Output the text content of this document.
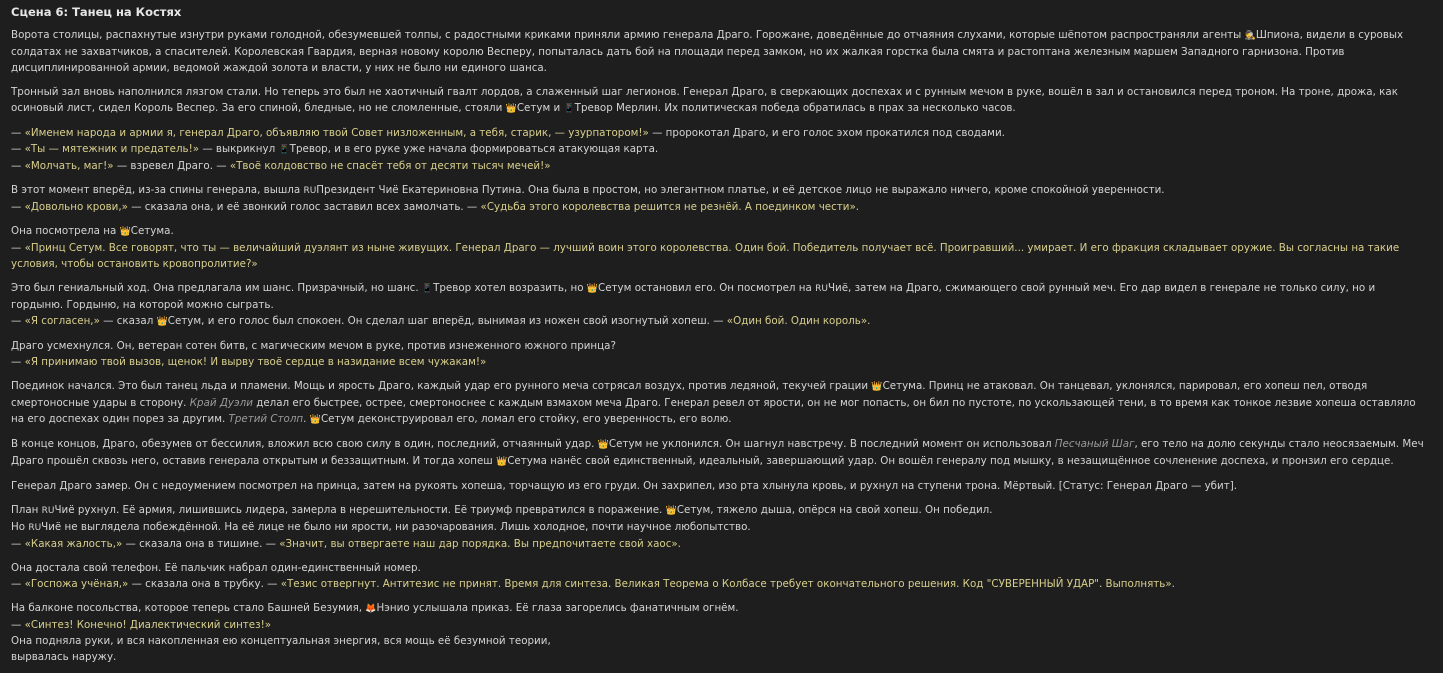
Сцена 6: Танец на Костях

Ворота столицы, распахнутые изнутри руками голодной, обезумевшей толпы, с радостными криками приняли армию генерала Драго. Горожане, доведённые до отчаяния слухами, которые шёпотом распространяли агенты 🕵Шпиона, видели в суровых солдатах не захватчиков, а спасителей. Королевская Гвардия, верная новому королю Весперу, попыталась дать бой на площади перед замком, но их жалкая горстка была смята и растоптана железным маршем Западного гарнизона. Против дисциплинированной армии, ведомой жаждой золота и власти, у них не было ни единого шанса.

Тронный зал вновь наполнился лязгом стали. Но теперь это был не хаотичный гвалт лордов, а слаженный шаг легионов. Генерал Драго, в сверкающих доспехах и с рунным мечом в руке, вошёл в зал и остановился перед троном. На троне, дрожа, как осиновый лист, сидел Король Веспер. За его спиной, бледные, но не сломленные, стояли 👑Сетум и 📱Тревор Мерлин. Их политическая победа обратилась в прах за несколько часов.

— «Именем народа и армии я, генерал Драго, объявляю твой Совет низложенным, а тебя, старик, — узурпатором!» — пророкотал Драго, и его голос эхом прокатился под сводами.
— «Ты — мятежник и предатель!» — выкрикнул 📱Тревор, и в его руке уже начала формироваться атакующая карта.
— «Молчать, маг!» — взревел Драго. — «Твоё колдовство не спасёт тебя от десяти тысяч мечей!»

В этот момент вперёд, из-за спины генерала, вышла RUПрезидент Чиё Екатериновна Путина. Она была в простом, но элегантном платье, и её детское лицо не выражало ничего, кроме спокойной уверенности.
— «Довольно крови,» — сказала она, и её звонкий голос заставил всех замолчать. — «Судьба этого королевства решится не резнёй. А поединком чести».

Она посмотрела на 👑Сетума.
— «Принц Сетум. Все говорят, что ты — величайший дуэлянт из ныне живущих. Генерал Драго — лучший воин этого королевства. Один бой. Победитель получает всё. Проигравший... умирает. И его фракция складывает оружие. Вы согласны на такие условия, чтобы остановить кровопролитие?»

Это был гениальный ход. Она предлагала им шанс. Призрачный, но шанс. 📱Тревор хотел возразить, но 👑Сетум остановил его. Он посмотрел на RUЧиё, затем на Драго, сжимающего свой рунный меч. Его дар видел в генерале не только силу, но и гордыню. Гордыню, на которой можно сыграть.
— «Я согласен,» — сказал 👑Сетум, и его голос был спокоен. Он сделал шаг вперёд, вынимая из ножен свой изогнутый хопеш. — «Один бой. Один король».

Драго усмехнулся. Он, ветеран сотен битв, с магическим мечом в руке, против изнеженного южного принца?
— «Я принимаю твой вызов, щенок! И вырву твоё сердце в назидание всем чужакам!»

Поединок начался. Это был танец льда и пламени. Мощь и ярость Драго, каждый удар его рунного меча сотрясал воздух, против ледяной, текучей грации 👑Сетума. Принц не атаковал. Он танцевал, уклонялся, парировал, его хопеш пел, отводя смертоносные удары в сторону. Край Дуэли делал его быстрее, острее, смертоноснее с каждым взмахом меча Драго. Генерал ревел от ярости, он не мог попасть, он бил по пустоте, по ускользающей тени, в то время как тонкое лезвие хопеша оставляло на его доспехах один порез за другим. Третий Столп. 👑Сетум деконструировал его, ломал его стойку, его уверенность, его волю.

В конце концов, Драго, обезумев от бессилия, вложил всю свою силу в один, последний, отчаянный удар. 👑Сетум не уклонился. Он шагнул навстречу. В последний момент он использовал Песчаный Шаг, его тело на долю секунды стало неосязаемым. Меч Драго прошёл сквозь него, оставив генерала открытым и беззащитным. И тогда хопеш 👑Сетума нанёс свой единственный, идеальный, завершающий удар. Он вошёл генералу под мышку, в незащищённое сочленение доспеха, и пронзил его сердце.

Генерал Драго замер. Он с недоумением посмотрел на принца, затем на рукоять хопеша, торчащую из его груди. Он захрипел, изо рта хлынула кровь, и рухнул на ступени трона. Мёртвый. [Статус: Генерал Драго — убит].

План RUЧиё рухнул. Её армия, лишившись лидера, замерла в нерешительности. Её триумф превратился в поражение. 👑Сетум, тяжело дыша, опёрся на свой хопеш. Он победил.
Но RUЧиё не выглядела побеждённой. На её лице не было ни ярости, ни разочарования. Лишь холодное, почти научное любопытство.
— «Какая жалость,» — сказала она в тишине. — «Значит, вы отвергаете наш дар порядка. Вы предпочитаете свой хаос».

Она достала свой телефон. Её пальчик набрал один-единственный номер.
— «Госпожа учёная,» — сказала она в трубку. — «Тезис отвергнут. Антитезис не принят. Время для синтеза. Великая Теорема о Колбасе требует окончательного решения. Код "СУВЕРЕННЫЙ УДАР". Выполнять».

На балконе посольства, которое теперь стало Башней Безумия, 🦊Нэнио услышала приказ. Её глаза загорелись фанатичным огнём.
— «Синтез! Конечно! Диалектический синтез!»
Она подняла руки, и вся накопленная ею концептуальная энергия, вся мощь её безумной теории,
вырвалась наружу.
